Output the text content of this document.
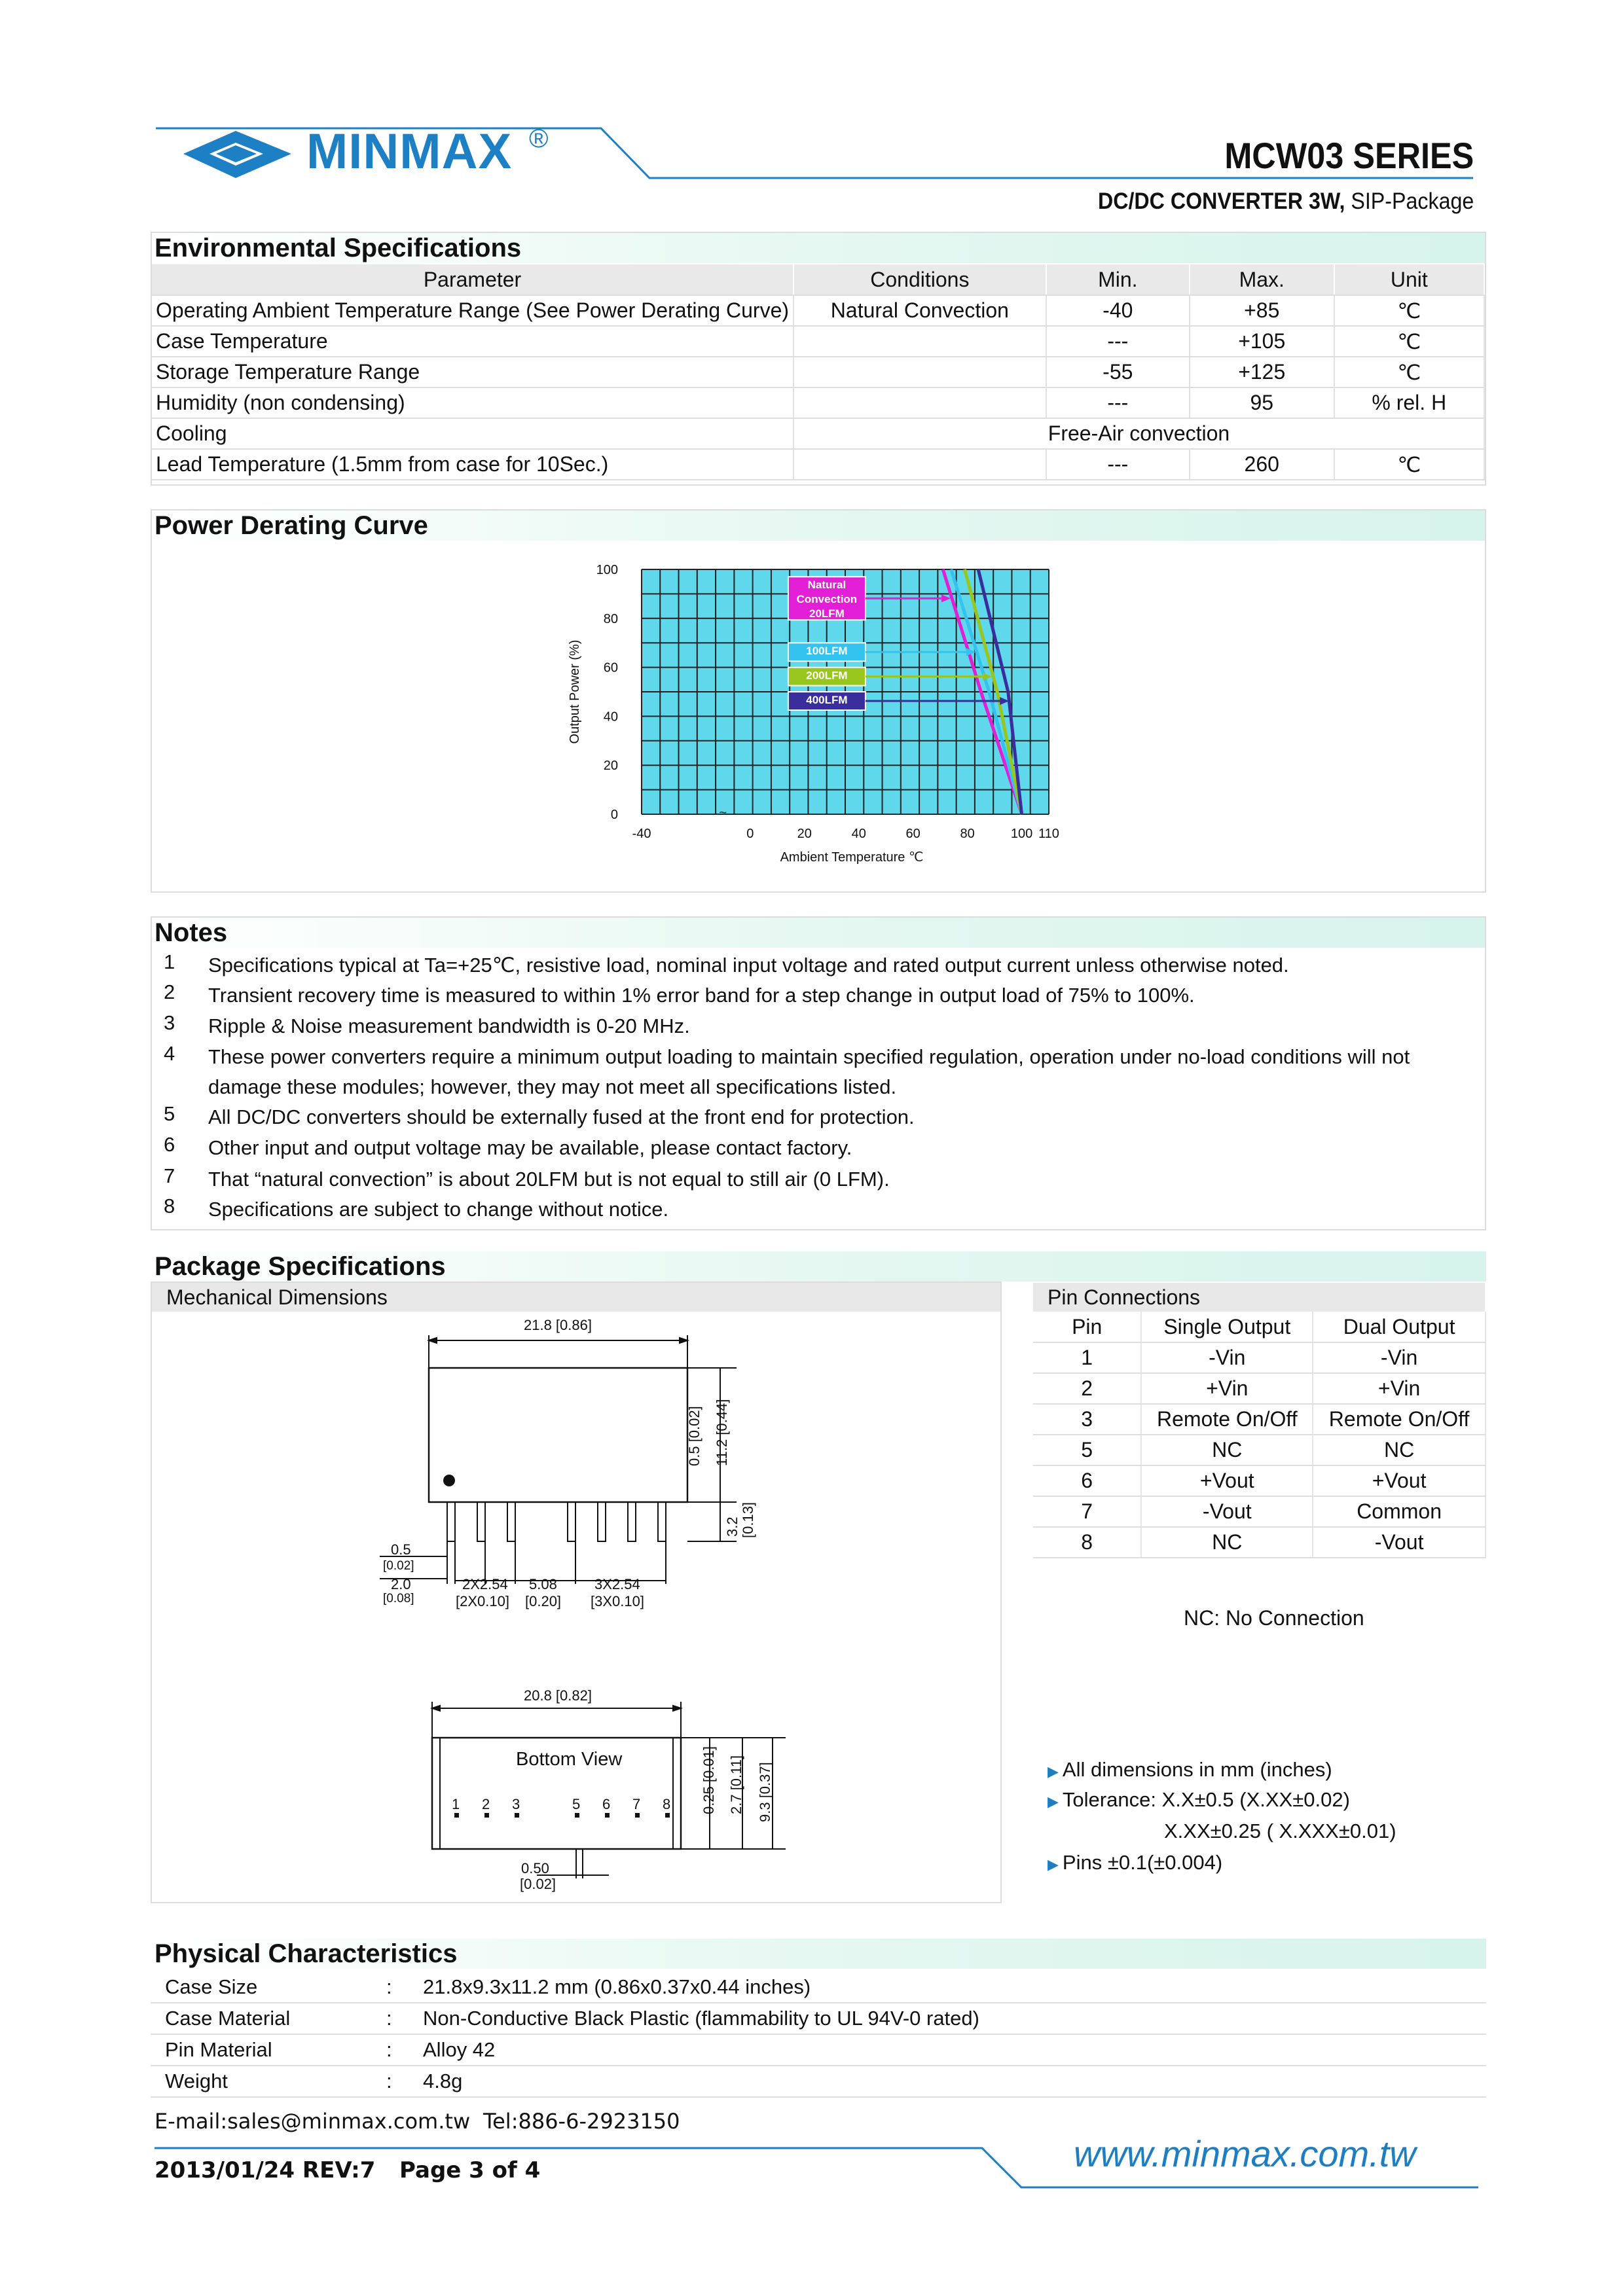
MINMAX ®	MCW03 SERIES
DC/DC CONVERTER 3W, SIP-Package
Environmental Specifications
Parameter	Conditions	Min.	Max.	Unit
Operating Ambient Temperature Range (See Power Derating Curve)	Natural Convection	-40	+85	℃
Case Temperature		---	+105	℃
Storage Temperature Range		-55	+125	℃
Humidity (non condensing)		---	95	% rel. H
Cooling	Free-Air convection			
Lead Temperature (1.5mm from case for 10Sec.)		---	260	℃
Power Derating Curve
-40	0	20	40	60	80	100 110
0
20
40
60
80
100
~
Ambient Temperature ℃
Output Power (%)
Natural
Convection
20LFM
100LFM
200LFM
400LFM
Notes
1	Specifications typical at Ta=+25℃, resistive load, nominal input voltage and rated output current unless otherwise noted.
2	Transient recovery time is measured to within 1% error band for a step change in output load of 75% to 100%.
3	Ripple & Noise measurement bandwidth is 0-20 MHz.
4	These power converters require a minimum output loading to maintain specified regulation, operation under no-load conditions will not damage these modules; however, they may not meet all specifications listed.
5	All DC/DC converters should be externally fused at the front end for protection.
6	Other input and output voltage may be available, please contact factory.
7	That “natural convection” is about 20LFM but is not equal to still air (0 LFM).
8	Specifications are subject to change without notice.
Package Specifications
Mechanical Dimensions
21.8 [0.86]
0.5 [0.02] 11.2 [0.44]
3.2 [0.13]
0.5
[0.02]
2.0
[0.08]
2X2.54
[2X0.10]
5.08
[0.20]
3X2.54
[3X0.10]
20.8 [0.82]
Bottom View
1 2 3	5 6 7 8 0.25 [0.01] 2.7 [0.11] 9.3 [0.37]
0.50
[0.02]
Pin Connections
Pin	Single Output	Dual Output
1	-Vin	-Vin
2	+Vin	+Vin
3	Remote On/Off	Remote On/Off
5	NC	NC
6	+Vout	+Vout
7	-Vout	Common
8	NC	-Vout
NC: No Connection
▶ All dimensions in mm (inches)
▶ Tolerance: X.X±0.5 (X.XX±0.02)
X.XX±0.25 ( X.XXX±0.01)
▶ Pins ±0.1(±0.004)
Physical Characteristics
Case Size	: 21.8x9.3x11.2 mm (0.86x0.37x0.44 inches)
Case Material	: Non-Conductive Black Plastic (flammability to UL 94V-0 rated)
Pin Material	: Alloy 42
Weight	: 4.8g
E-mail:sales@minmax.com.tw Tel:886-6-2923150
2013/01/24 REV:7 Page 3 of 4	www.minmax.com.tw
